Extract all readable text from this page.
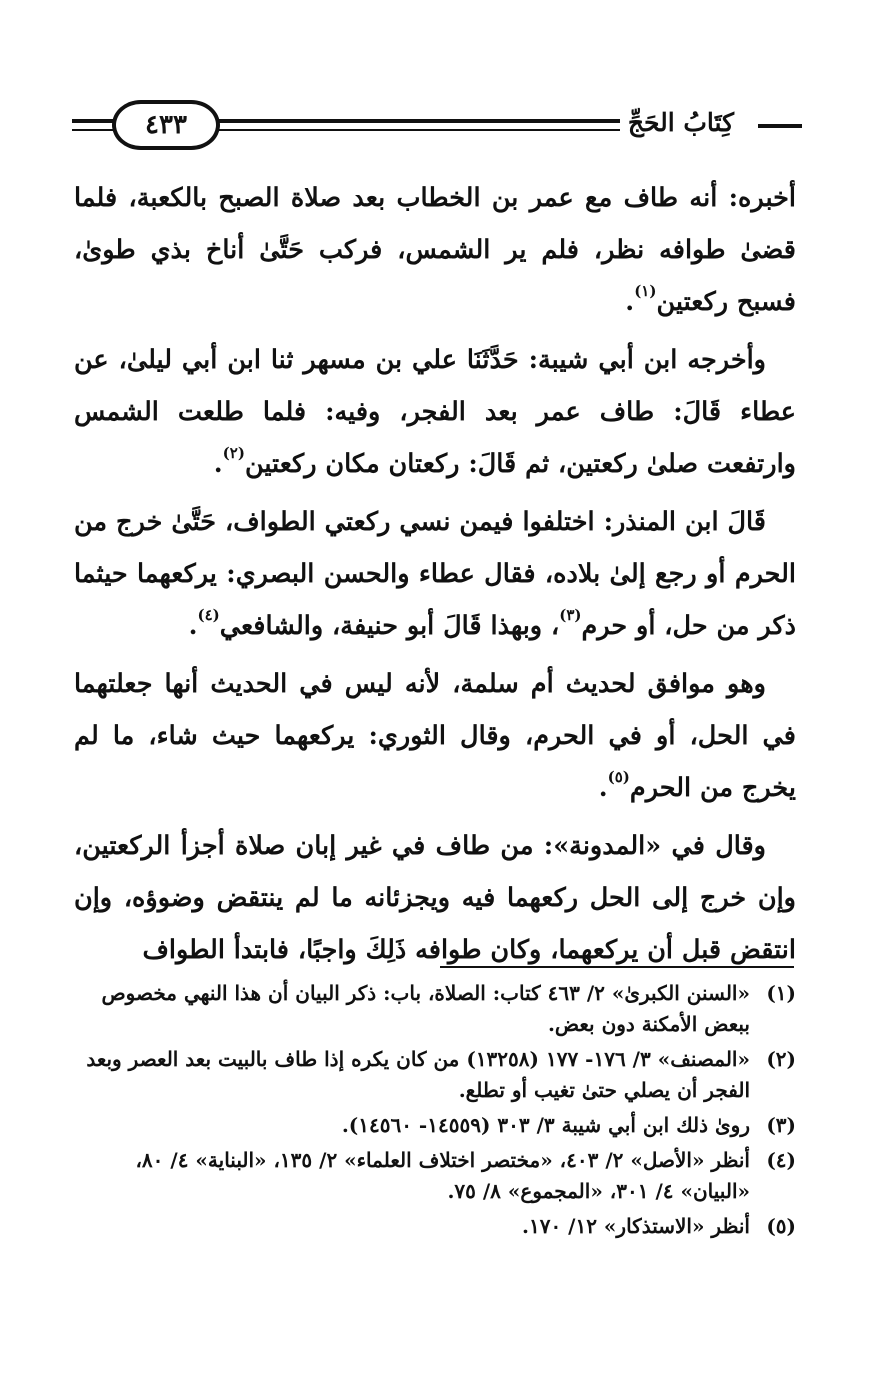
٤٣٣	كِتَابُ الحَجِّ

أخبره: أنه طاف مع عمر بن الخطاب بعد صلاة الصبح بالكعبة، فلما قضىٰ طوافه نظر، فلم ير الشمس، فركب حَتَّىٰ أناخ بذي طوىٰ، فسبح ركعتين$^{(١)}$.

وأخرجه ابن أبي شيبة: حَدَّثَنَا علي بن مسهر ثنا ابن أبي ليلىٰ، عن عطاء قَالَ: طاف عمر بعد الفجر، وفيه: فلما طلعت الشمس وارتفعت صلىٰ ركعتين، ثم قَالَ: ركعتان مكان ركعتين$^{(٢)}$.

قَالَ ابن المنذر: اختلفوا فيمن نسي ركعتي الطواف، حَتَّىٰ خرج من الحرم أو رجع إلىٰ بلاده، فقال عطاء والحسن البصري: يركعهما حيثما ذكر من حل، أو حرم$^{(٣)}$، وبهذا قَالَ أبو حنيفة، والشافعي$^{(٤)}$.

وهو موافق لحديث أم سلمة، لأنه ليس في الحديث أنها جعلتهما في الحل، أو في الحرم، وقال الثوري: يركعهما حيث شاء، ما لم يخرج من الحرم$^{(٥)}$.

وقال في «المدونة»: من طاف في غير إبان صلاة أجزأ الركعتين، وإن خرج إلى الحل ركعهما فيه ويجزئانه ما لم ينتقض وضوؤه، وإن انتقض قبل أن يركعهما، وكان طوافه ذَلِكَ واجبًا، فابتدأ الطواف

(١)
«السنن الكبرىٰ» ٢/ ٤٦٣ كتاب: الصلاة، باب: ذكر البيان أن هذا النهي مخصوص ببعض الأمكنة دون بعض.
(٢)
«المصنف» ٣/ ١٧٦- ١٧٧ (١٣٢٥٨) من كان يكره إذا طاف بالبيت بعد العصر وبعد الفجر أن يصلي حتىٰ تغيب أو تطلع.
(٣)
روىٰ ذلك ابن أبي شيبة ٣/ ٣٠٣ (١٤٥٥٩- ١٤٥٦٠).
(٤)
أنظر «الأصل» ٢/ ٤٠٣، «مختصر اختلاف العلماء» ٢/ ١٣٥، «البناية» ٤/ ٨٠، «البيان» ٤/ ٣٠١، «المجموع» ٨/ ٧٥.
(٥)
أنظر «الاستذكار» ١٢/ ١٧٠.
